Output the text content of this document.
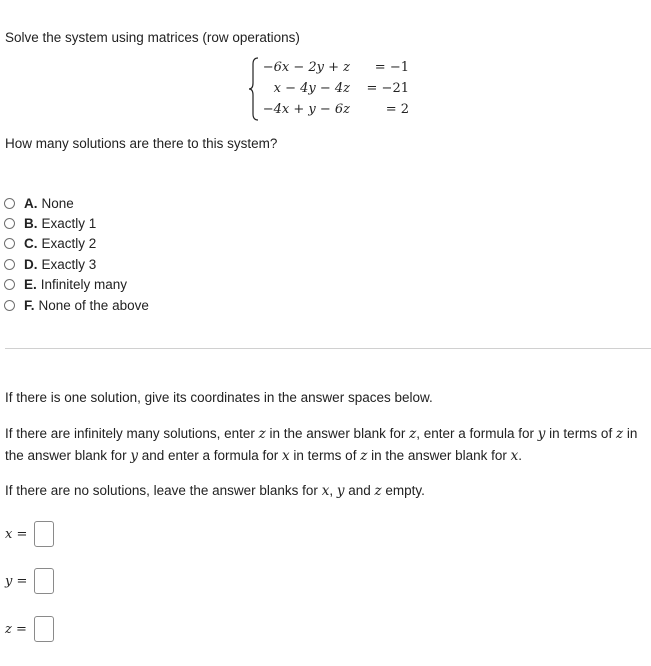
Solve the system using matrices (row operations)
−6x − 2y + z	= −1
x − 4y − 4z	= −21
−4x + y − 6z	= 2
How many solutions are there to this system?
A. None
B. Exactly 1
C. Exactly 2
D. Exactly 3
E. Infinitely many
F. None of the above
If there is one solution, give its coordinates in the answer spaces below.
If there are infinitely many solutions, enter z in the answer blank for z, enter a formula for y in terms of z in the answer blank for y and enter a formula for x in terms of z in the answer blank for x.
If there are no solutions, leave the answer blanks for x, y and z empty.
x =
y =
z =
